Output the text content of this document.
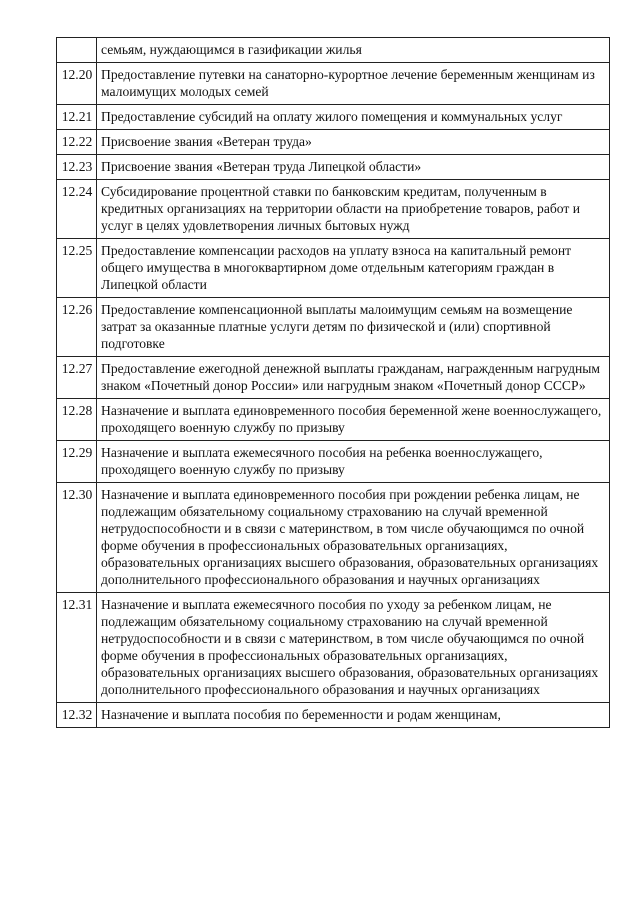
	семьям, нуждающимся в газификации жилья
12.20	Предоставление путевки на санаторно-курортное лечение беременным женщинам из малоимущих молодых семей
12.21	Предоставление субсидий на оплату жилого помещения и коммунальных услуг
12.22	Присвоение звания «Ветеран труда»
12.23	Присвоение звания «Ветеран труда Липецкой области»
12.24	Субсидирование процентной ставки по банковским кредитам, полученным в кредитных организациях на территории области на приобретение товаров, работ и услуг в целях удовлетворения личных бытовых нужд
12.25	Предоставление компенсации расходов на уплату взноса на капитальный ремонт общего имущества в многоквартирном доме отдельным категориям граждан в Липецкой области
12.26	Предоставление компенсационной выплаты малоимущим семьям на возмещение затрат за оказанные платные услуги детям по физической и (или) спортивной подготовке
12.27	Предоставление ежегодной денежной выплаты гражданам, награжденным нагрудным знаком «Почетный донор России» или нагрудным знаком «Почетный донор СССР»
12.28	Назначение и выплата единовременного пособия беременной жене военнослужащего, проходящего военную службу по призыву
12.29	Назначение и выплата ежемесячного пособия на ребенка военнослужащего, проходящего военную службу по призыву
12.30	Назначение и выплата единовременного пособия при рождении ребенка лицам, не подлежащим обязательному социальному страхованию на случай временной нетрудоспособности и в связи с материнством, в том числе обучающимся по очной форме обучения в профессиональных образовательных организациях, образовательных организациях высшего образования, образовательных организациях дополнительного профессионального образования и научных организациях
12.31	Назначение и выплата ежемесячного пособия по уходу за ребенком лицам, не подлежащим обязательному социальному страхованию на случай временной нетрудоспособности и в связи с материнством, в том числе обучающимся по очной форме обучения в профессиональных образовательных организациях, образовательных организациях высшего образования, образовательных организациях дополнительного профессионального образования и научных организациях
12.32	Назначение и выплата пособия по беременности и родам женщинам,
